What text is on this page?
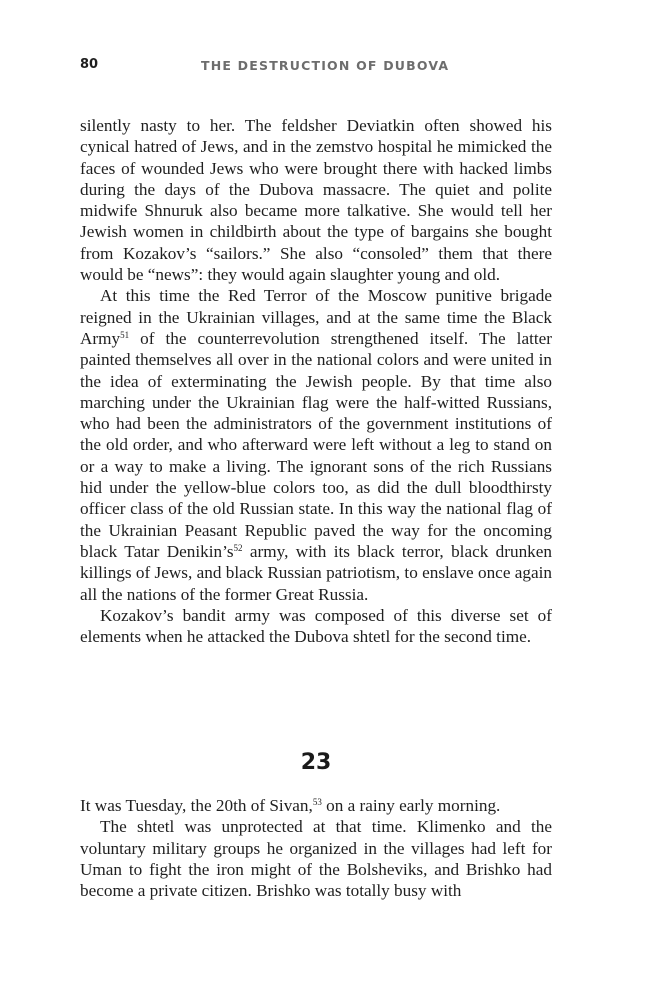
80	THE DESTRUCTION OF DUBOVA

silently nasty to her. The feldsher Deviatkin often showed his cynical hatred of Jews, and in the zemstvo hospital he mimicked the faces of wounded Jews who were brought there with hacked limbs during the days of the Dubova massacre. The quiet and polite midwife Shnuruk also became more talkative. She would tell her Jewish women in childbirth about the type of bargains she bought from Kozakov’s “sailors.” She also “consoled” them that there would be “news”: they would again slaughter young and old.

At this time the Red Terror of the Moscow punitive brigade reigned in the Ukrainian villages, and at the same time the Black Army$^{51}$ of the counterrevolution strengthened itself. The latter painted themselves all over in the national colors and were united in the idea of exterminating the Jewish people. By that time also marching under the Ukrainian flag were the half-witted Russians, who had been the administrators of the government institutions of the old order, and who afterward were left without a leg to stand on or a way to make a living. The ignorant sons of the rich Russians hid under the yellow-blue colors too, as did the dull bloodthirsty officer class of the old Russian state. In this way the national flag of the Ukrainian Peasant Republic paved the way for the oncoming black Tatar $Denikin’s^{52}$ army, with its black terror, black drunken killings of Jews, and black Russian patriotism, to enslave once again all the nations of the former Great Russia.

Kozakov’s bandit army was composed of this diverse set of elements when he attacked the Dubova shtetl for the second time.

23

It was Tuesday, the 20th of Sivan,$^{53}$ on a rainy early morning.

The shtetl was unprotected at that time. Klimenko and the voluntary military groups he organized in the villages had left for Uman to fight the iron might of the Bolsheviks, and Brishko had become a private citizen. Brishko was totally busy with
